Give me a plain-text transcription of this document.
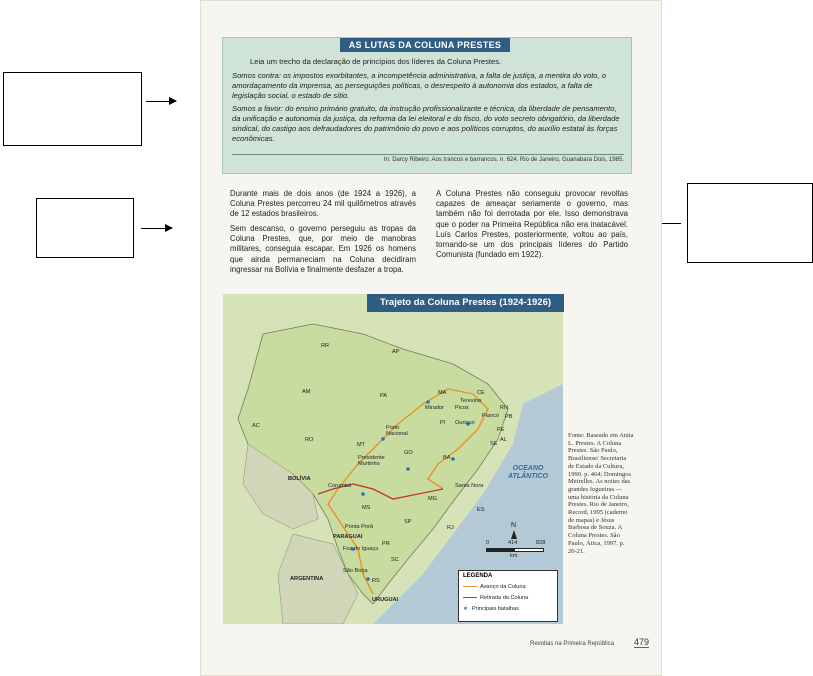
AS LUTAS DA COLUNA PRESTES
Leia um trecho da declaração de princípios dos líderes da Coluna Prestes.
Somos contra: os impostos exorbitantes, a incompetência administrativa, a falta de justiça, a mentira do voto, o amordaçamento da imprensa, as perseguições políticas, o desrespeito à autonomia dos estados, a falta de legislação social, o estado de sítio.
Somos a favor: do ensino primário gratuito, da instrução profissionalizante e técnica, da liberdade de pensamento, da unificação e autonomia da justiça, da reforma da lei eleitoral e do fisco, do voto secreto obrigatório, da liberdade sindical, do castigo aos defraudadores do patrimônio do povo e aos políticos corruptos, do auxílio estatal às forças econômicas.
In: Darcy Ribeiro. Aos trancos e barrancos. n. 624. Rio de Janeiro, Guanabara Dois, 1985.
Durante mais de dois anos (de 1924 a 1926), a Coluna Prestes percorreu 24 mil quilômetros através de 12 estados brasileiros.
Sem descanso, o governo perseguiu as tropas da Coluna Prestes, que, por meio de manobras militares, conseguia escapar. Em 1926 os homens que ainda permaneciam na Coluna decidiram ingressar na Bolívia e finalmente desfazer a tropa.
A Coluna Prestes não conseguiu provocar revoltas capazes de ameaçar seriamente o governo, mas também não foi derrotada por ele. Isso demonstrava que o poder na Primeira República não era inatacável. Luís Carlos Prestes, posteriormente, voltou ao país, tornando-se um dos principais líderes do Partido Comunista (fundado em 1922).
Trajeto da Coluna Prestes (1924-1926)
RR
AP
AM
PA	MA	CE
RN
PB
PE
AL
SE
PI
AC
RO
MT
GO
BA
MG
ES
MS
SP
RJ
PR
SC
RS
Teresina
Mirador Picos
Piancó
Ouricuri
Porto Nacional
Presidente Murtinho
Corumbá	Santa Nora
Ponta Porã
Foz do Iguaçu
São Borja
BOLÍVIA
PARAGUAI
ARGENTINA
URUGUAI
OCEANO ATLÂNTICO
N
0	414	828
km
LEGENDA
Avanço da Coluna
Retirada da Coluna
★ Principais batalhas
Fonte: Baseado em Anita L. Prestes. A Coluna Prestes. São Paulo, Brasiliense/ Secretaria de Estado da Cultura, 1990. p. 464; Domingos Meirelles. As noites das grandes fogueiras — uma história da Coluna Prestes. Rio de Janeiro, Record, 1995 (caderno de mapas) e Jésus Barbosa de Souza. A Coluna Prestes. São Paulo, Ática, 1997. p. 20-21.
Revoltas na Primeira República 479
